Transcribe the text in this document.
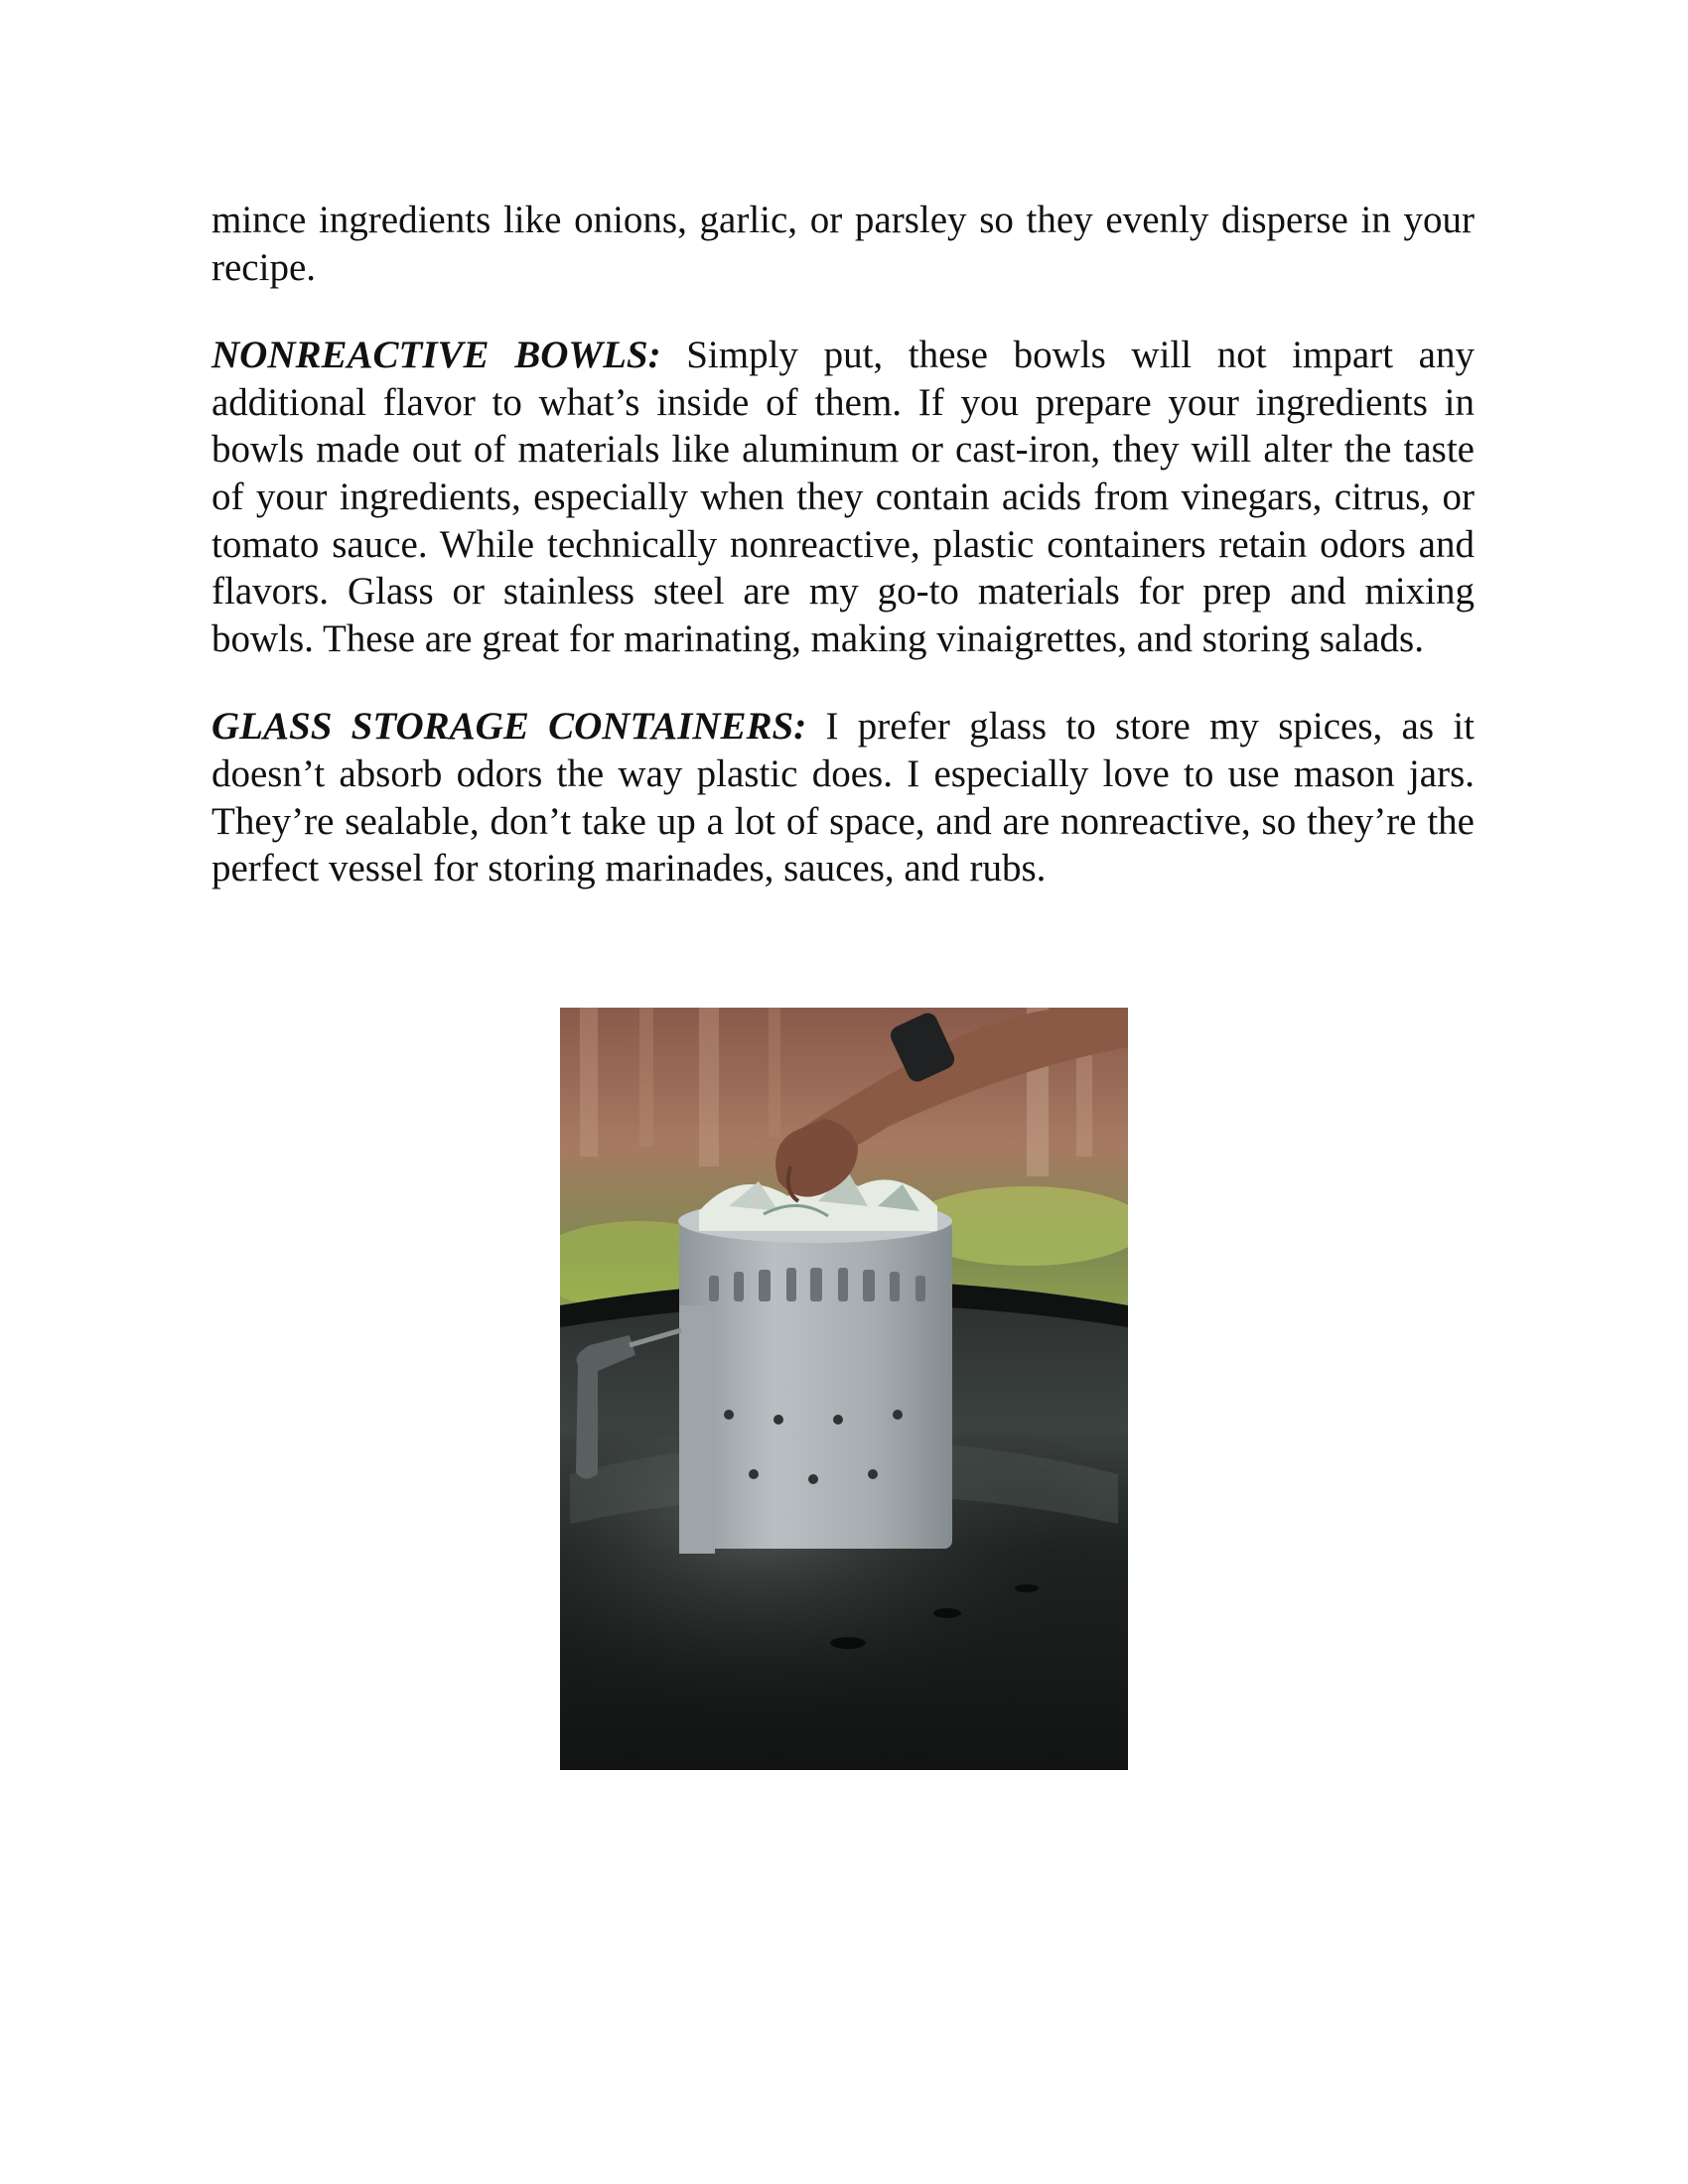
mince ingredients like onions, garlic, or parsley so they evenly disperse in your recipe.

NONREACTIVE BOWLS: Simply put, these bowls will not impart any additional flavor to what’s inside of them. If you prepare your ingredients in bowls made out of materials like aluminum or cast-iron, they will alter the taste of your ingredients, especially when they contain acids from vinegars, citrus, or tomato sauce. While technically nonreactive, plastic containers retain odors and flavors. Glass or stainless steel are my go-to materials for prep and mixing bowls. These are great for marinating, making vinaigrettes, and storing salads.

GLASS STORAGE CONTAINERS: I prefer glass to store my spices, as it doesn’t absorb odors the way plastic does. I especially love to use mason jars. They’re sealable, don’t take up a lot of space, and are nonreactive, so they’re the perfect vessel for storing marinades, sauces, and rubs.
